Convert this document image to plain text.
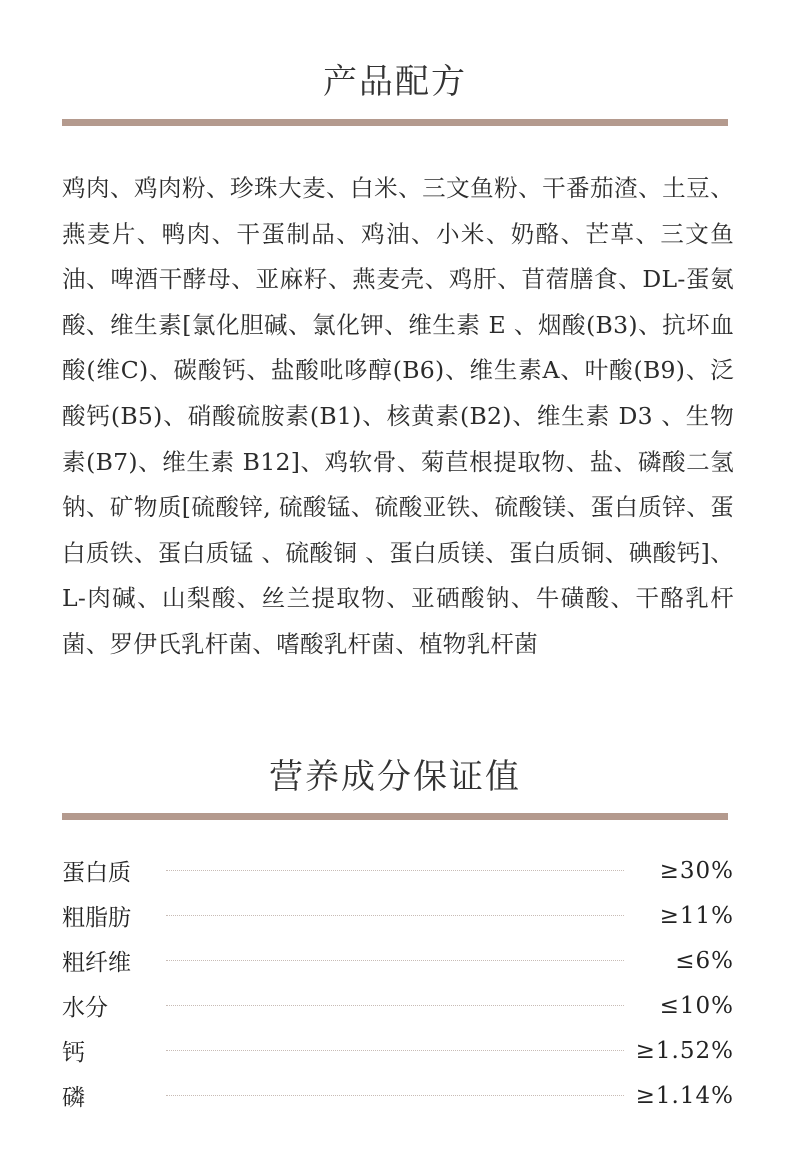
产品配方

鸡肉、鸡肉粉、珍珠大麦、白米、三文鱼粉、干番茄渣、土豆、燕麦片、鸭肉、干蛋制品、鸡油、小米、奶酪、芒草、三文鱼油、啤酒干酵母、亚麻籽、燕麦壳、鸡肝、苜蓿膳食、DL-蛋氨酸、维生素[氯化胆碱、氯化钾、维生素 E 、烟酸(B3)、抗坏血酸(维C)、碳酸钙、盐酸吡哆醇(B6)、维生素A、叶酸(B9)、泛酸钙(B5)、硝酸硫胺素(B1)、核黄素(B2)、维生素 D3 、生物素(B7)、维生素 B12]、鸡软骨、菊苣根提取物、盐、磷酸二氢钠、矿物质[硫酸锌, 硫酸锰、硫酸亚铁、硫酸镁、蛋白质锌、蛋白质铁、蛋白质锰 、硫酸铜 、蛋白质镁、蛋白质铜、碘酸钙]、L-肉碱、山梨酸、丝兰提取物、亚硒酸钠、牛磺酸、干酪乳杆菌、罗伊氏乳杆菌、嗜酸乳杆菌、植物乳杆菌

营养成分保证值
蛋白质	≥30%
粗脂肪	≥11%
粗纤维	≤6%
水分	≤10%
钙	≥1.52%
磷	≥1.14%
